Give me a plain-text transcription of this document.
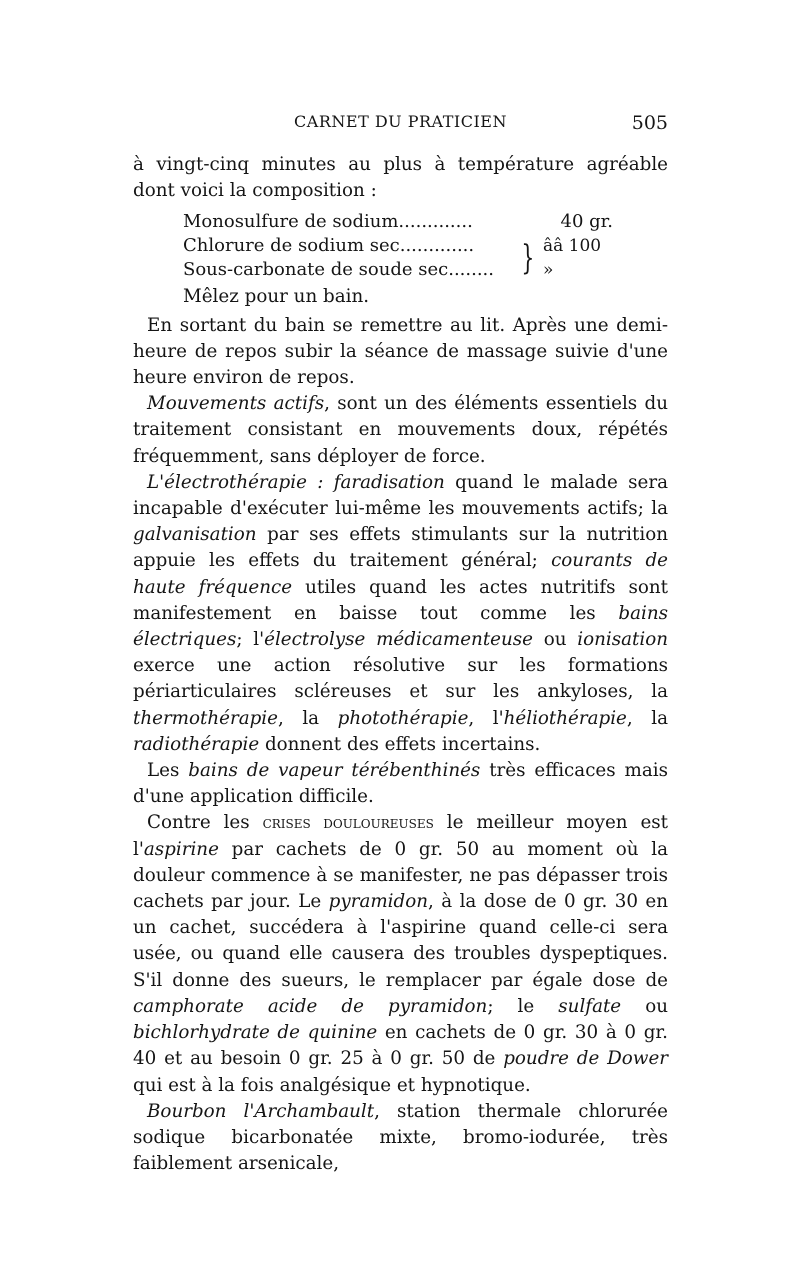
CARNET DU PRATICIEN	505

à vingt-cinq minutes au plus à température agréable dont voici la composition :

Monosulfure de sodium.............	40 gr.
Chlorure de sodium sec.............
Sous-carbonate de soude sec........ } ââ 100 »

Mêlez pour un bain.

En sortant du bain se remettre au lit. Après une demi-heure de repos subir la séance de massage suivie d'une heure environ de repos.

Mouvements actifs, sont un des éléments essentiels du traitement consistant en mouvements doux, répétés fréquemment, sans déployer de force.

L'électrothérapie : faradisation quand le malade sera incapable d'exécuter lui-même les mouvements actifs; la galvanisation par ses effets stimulants sur la nutrition appuie les effets du traitement général; courants de haute fréquence utiles quand les actes nutritifs sont manifestement en baisse tout comme les bains électriques; l'électrolyse médicamenteuse ou ionisation exerce une action résolutive sur les formations périarticulaires scléreuses et sur les ankyloses, la thermothérapie, la photothérapie, l'héliothérapie, la radiothérapie donnent des effets incertains.

Les bains de vapeur térébenthinés très efficaces mais d'une application difficile.

Contre les crises douloureuses le meilleur moyen est l'aspirine par cachets de 0 gr. 50 au moment où la douleur commence à se manifester, ne pas dépasser trois cachets par jour. Le pyramidon, à la dose de 0 gr. 30 en un cachet, succédera à l'aspirine quand celle-ci sera usée, ou quand elle causera des troubles dyspeptiques. S'il donne des sueurs, le remplacer par égale dose de camphorate acide de pyramidon; le sulfate ou bichlorhydrate de quinine en cachets de 0 gr. 30 à 0 gr. 40 et au besoin 0 gr. 25 à 0 gr. 50 de poudre de Dower qui est à la fois analgésique et hypnotique.

Bourbon l'Archambault, station thermale chlorurée sodique bicarbonatée mixte, bromo-iodurée, très faiblement arsenicale,
